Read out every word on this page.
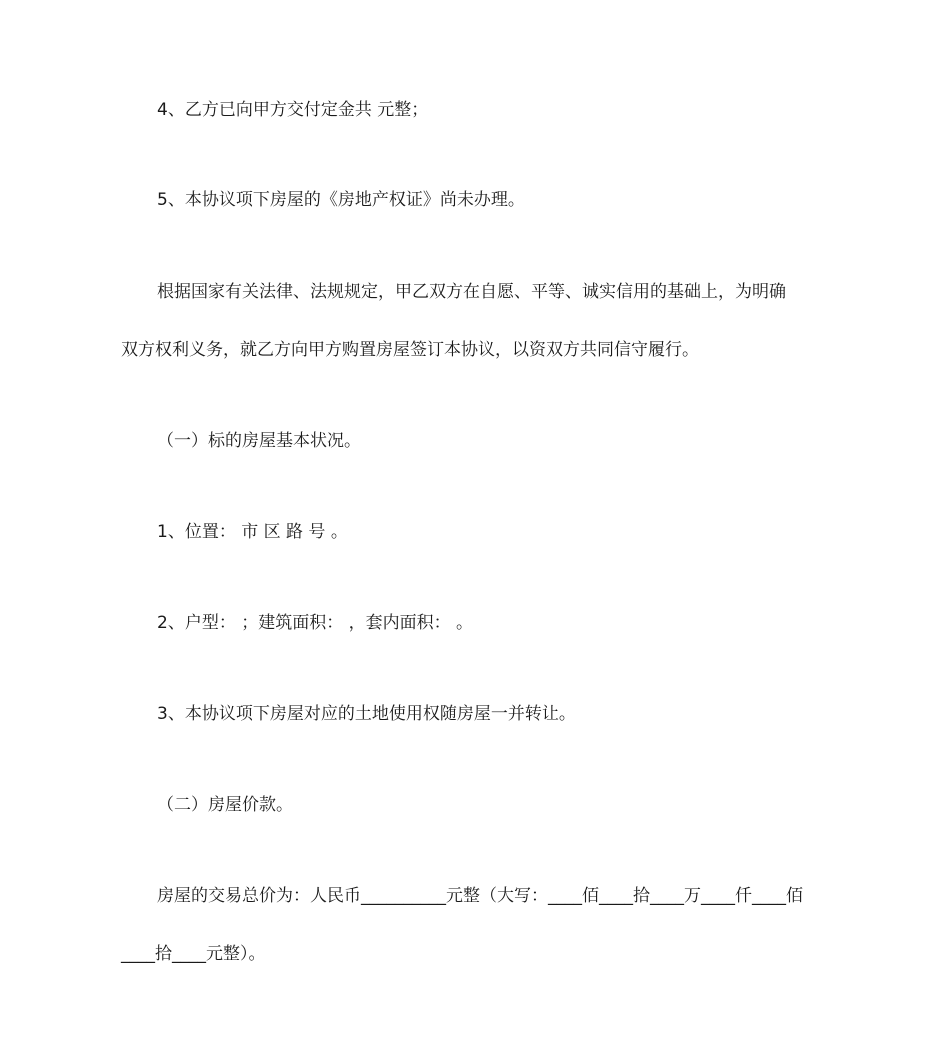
4、乙方已向甲方交付定金共 元整；
5、本协议项下房屋的《房地产权证》尚未办理。
根据国家有关法律、法规规定，甲乙双方在自愿、平等、诚实信用的基础上，为明确
双方权利义务，就乙方向甲方购置房屋签订本协议，以资双方共同信守履行。
（一）标的房屋基本状况。
1、位置： 市 区 路 号 。
2、户型： ；建筑面积： ，套内面积： 。
3、本协议项下房屋对应的土地使用权随房屋一并转让。
（二）房屋价款。
房屋的交易总价为：人民币__________元整（大写：____佰____拾____万____仟____佰
____拾____元整）。
